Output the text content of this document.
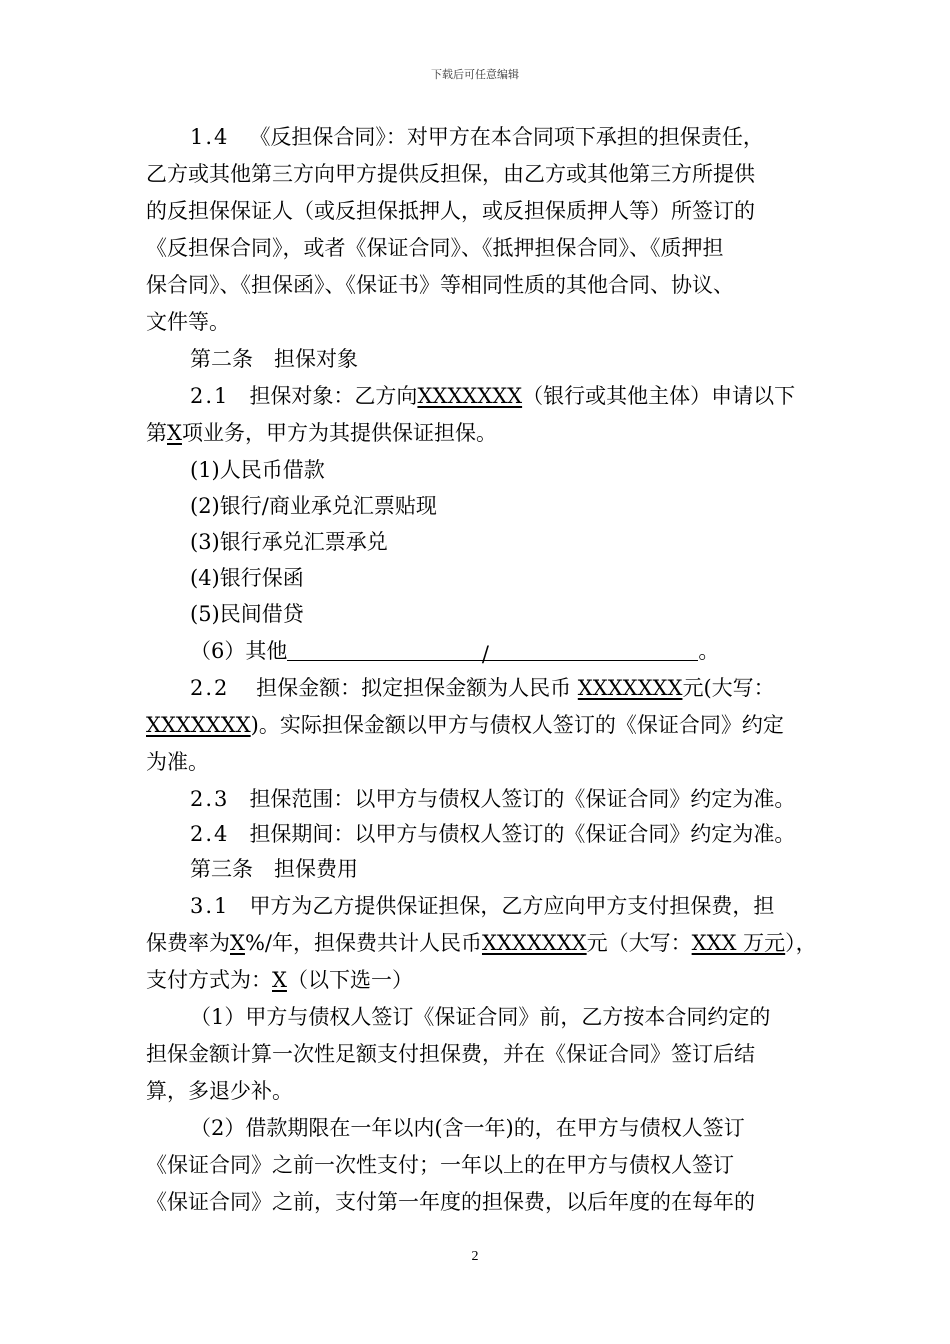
下载后可任意编辑
1.4 《反担保合同》：对甲方在本合同项下承担的担保责任，
乙方或其他第三方向甲方提供反担保，由乙方或其他第三方所提供
的反担保保证人（或反担保抵押人，或反担保质押人等）所签订的
《反担保合同》，或者《保证合同》、《抵押担保合同》、《质押担
保合同》、《担保函》、《保证书》等相同性质的其他合同、协议、
文件等。
第二条　担保对象
2.1 担保对象：乙方向XXXXXXX（银行或其他主体）申请以下
第X项业务，甲方为其提供保证担保。
(1)人民币借款
(2)银行/商业承兑汇票贴现
(3)银行承兑汇票承兑
(4)银行保函
(5)民间借贷
（6）其他	/	。
2.2 担保金额：拟定担保金额为人民币 XXXXXXX元(大写：
XXXXXXX)。实际担保金额以甲方与债权人签订的《保证合同》约定
为准。
2.3 担保范围：以甲方与债权人签订的《保证合同》约定为准。
2.4 担保期间：以甲方与债权人签订的《保证合同》约定为准。
第三条　担保费用
3.1 甲方为乙方提供保证担保，乙方应向甲方支付担保费，担
保费率为X%/年，担保费共计人民币XXXXXXX元（大写：XXX 万元），
支付方式为：X（以下选一）
（1）甲方与债权人签订《保证合同》前，乙方按本合同约定的
担保金额计算一次性足额支付担保费，并在《保证合同》签订后结
算，多退少补。
（2）借款期限在一年以内(含一年)的，在甲方与债权人签订
《保证合同》之前一次性支付；一年以上的在甲方与债权人签订
《保证合同》之前，支付第一年度的担保费，以后年度的在每年的
2
